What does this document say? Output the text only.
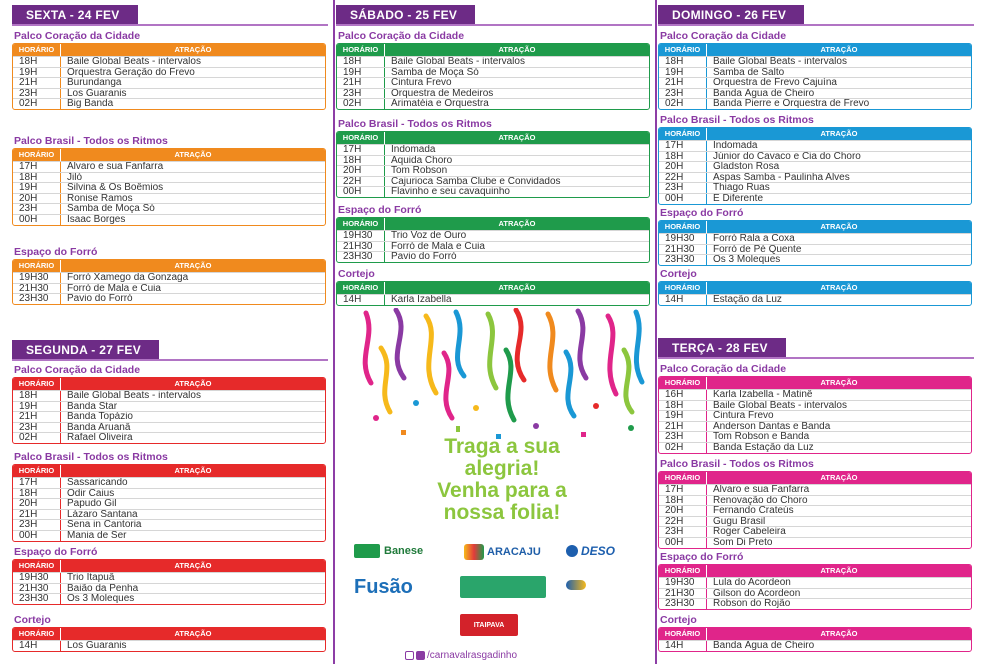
SEXTA - 24 FEV
Palco Coração da Cidade
HORÁRIO	ATRAÇÃO
18H	Baile Global Beats - intervalos
19H	Orquestra Geração do Frevo
21H	Burundanga
23H	Los Guaranis
02H	Big Banda
Palco Brasil - Todos os Ritmos
HORÁRIO	ATRAÇÃO
17H	Álvaro e sua Fanfarra
18H	Jiló
19H	Silvina & Os Boêmios
20H	Ronise Ramos
23H	Samba de Moça Só
00H	Isaac Borges
Espaço do Forró
HORÁRIO	ATRAÇÃO
19H30	Forró Xamego da Gonzaga
21H30	Forró de Mala e Cuia
23H30	Pavio do Forró
SEGUNDA - 27 FEV
Palco Coração da Cidade
HORÁRIO	ATRAÇÃO
18H	Baile Global Beats - intervalos
19H	Banda Star
21H	Banda Topázio
23H	Banda Aruanã
02H	Rafael Oliveira
Palco Brasil - Todos os Ritmos
HORÁRIO	ATRAÇÃO
17H	Sassaricando
18H	Odir Caius
20H	Papudo Gil
21H	Lázaro Santana
23H	Sena in Cantoria
00H	Mania de Ser
Espaço do Forró
HORÁRIO	ATRAÇÃO
19H30	Trio Itapuã
21H30	Baião da Penha
23H30	Os 3 Moleques
Cortejo
HORÁRIO	ATRAÇÃO
14H	Los Guaranis
SÁBADO - 25 FEV
Palco Coração da Cidade
HORÁRIO	ATRAÇÃO
18H	Baile Global Beats - intervalos
19H	Samba de Moça Só
21H	Cintura Frevo
23H	Orquestra de Medeiros
02H	Arimatéia e Orquestra
Palco Brasil - Todos os Ritmos
HORÁRIO	ATRAÇÃO
17H	Indomada
18H	Aquida Choro
20H	Tom Robson
22H	Cajurioca Samba Clube e Convidados
00H	Flavinho e seu cavaquinho
Espaço do Forró
HORÁRIO	ATRAÇÃO
19H30	Trio Voz de Ouro
21H30	Forró de Mala e Cuia
23H30	Pavio do Forró
Cortejo
HORÁRIO	ATRAÇÃO
14H	Karla Izabella
Traga a sua
alegria!
Venha para a
nossa folia!
Banese	ARACAJU	DESO
Fusão
ITAIPAVA
DOMINGO - 26 FEV
Palco Coração da Cidade
HORÁRIO	ATRAÇÃO
18H	Baile Global Beats - intervalos
19H	Samba de Salto
21H	Orquestra de Frevo Cajuína
23H	Banda Água de Cheiro
02H	Banda Pierre e Orquestra de Frevo
Palco Brasil - Todos os Ritmos
HORÁRIO	ATRAÇÃO
17H	Indomada
18H	Júnior do Cavaco e Cia do Choro
20H	Gladston Rosa
22H	Aspas Samba - Paulinha Alves
23H	Thiago Ruas
00H	É Diferente
Espaço do Forró
HORÁRIO	ATRAÇÃO
19H30	Forró Rala a Coxa
21H30	Forró de Pé Quente
23H30	Os 3 Moleques
Cortejo
HORÁRIO	ATRAÇÃO
14H	Estação da Luz
TERÇA - 28 FEV
Palco Coração da Cidade
HORÁRIO	ATRAÇÃO
16H	Karla Izabella - Matinê
18H	Baile Global Beats - intervalos
19H	Cintura Frevo
21H	Anderson Dantas e Banda
23H	Tom Robson e Banda
02H	Banda Estação da Luz
Palco Brasil - Todos os Ritmos
HORÁRIO	ATRAÇÃO
17H	Álvaro e sua Fanfarra
18H	Renovação do Choro
20H	Fernando Crateús
22H	Gugu Brasil
23H	Roger Cabeleira
00H	Som Di Preto
Espaço do Forró
HORÁRIO	ATRAÇÃO
19H30	Lula do Acordeon
21H30	Gilson do Acordeon
23H30	Robson do Rojão
Cortejo
HORÁRIO	ATRAÇÃO
14H	Banda Água de Cheiro
/carnavalrasgadinho
